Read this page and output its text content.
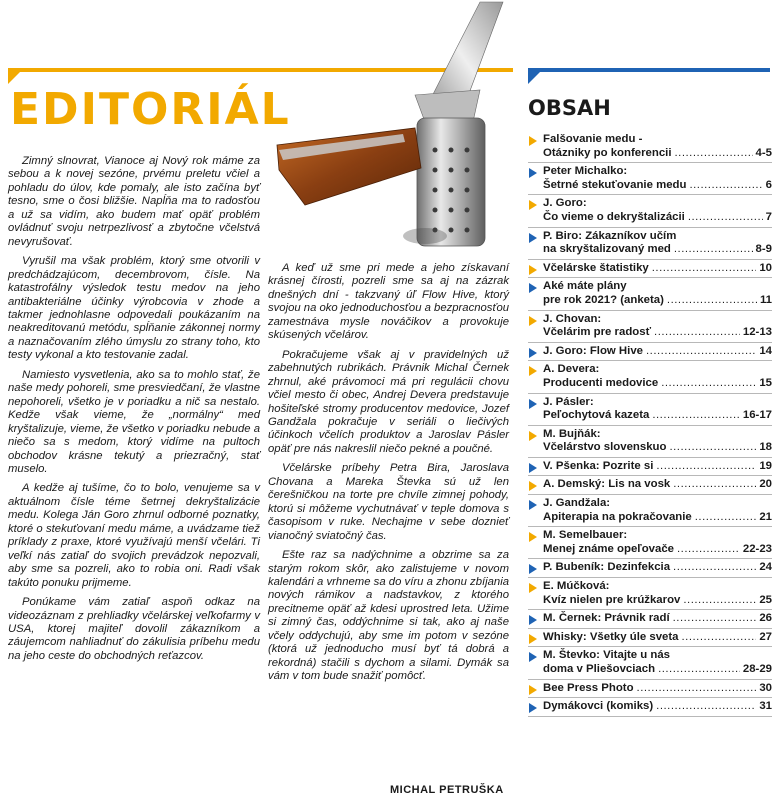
EDITORIÁL

Zimný slnovrat, Vianoce aj Nový rok máme za sebou a k novej sezóne, prvému preletu včiel a pohladu do úlov, kde pomaly, ale isto začína byť tesno, sme o čosi bližšie. Napĺňa ma to radosťou a už sa vidím, ako budem mať opäť problém ovládnuť svoju netrpezlivosť a zbytočne včelstvá nevyrušovať.

Vyrušil ma však problém, ktorý sme otvorili v predchádzajúcom, decembrovom, čísle. Na katastrofálny výsledok testu medov na jeho antibakteriálne účinky výrobcovia v zhode a takmer jednohlasne odpovedali poukázaním na neakreditovanú metódu, spĺňanie zákonnej normy a naznačovaním zlého úmyslu zo strany toho, kto testy vykonal a kto testovanie zadal.

Namiesto vysvetlenia, ako sa to mohlo stať, že naše medy pohoreli, sme presviedčaní, že vlastne nepohoreli, všetko je v poriadku a nič sa nestalo. Kedže však vieme, že „normálny“ med kryštalizuje, vieme, že všetko v poriadku nebude a niečo sa s medom, ktorý vidíme na pultoch obchodov krásne tekutý a priezračný, stať muselo.

A kedže aj tušíme, čo to bolo, venujeme sa v aktuálnom čísle téme šetrnej dekryštalizácie medu. Kolega Ján Goro zhrnul odborné poznatky, ktoré o stekuťovaní medu máme, a uvádzame tiež príklady z praxe, ktoré využívajú menší včelári. Ti veľkí nás zatiaľ do svojich prevádzok nepozvali, aby sme sa pozreli, ako to robia oni. Radi však takúto ponuku prijmeme.

Ponúkame vám zatiaľ aspoň odkaz na videozáznam z prehliadky včelárskej veľkofarmy v USA, ktorej majiteľ dovolil zákazníkom a záujemcom nahliadnuť do zákulisia príbehu medu na jeho ceste do obchodných reťazcov.

A keď už sme pri mede a jeho získavaní krásnej čírosti, pozreli sme sa aj na zázrak dnešných dní - takzvaný úľ Flow Hive, ktorý svojou na oko jednoduchosťou a bezpracnosťou zamestnáva mysle nováčikov a provokuje skúsených včelárov.

Pokračujeme však aj v pravidelných už zabehnutých rubrikách. Právnik Michal Černek zhrnul, aké právomoci má pri regulácii chovu včiel mesto či obec, Andrej Devera predstavuje hošiteľské stromy producentov medovice, Jozef Gandžala pokračuje v seriáli o liečivých účinkoch včelích produktov a Jaroslav Pásler opäť pre nás nakreslil niečo pekné a poučné.

Včelárske príbehy Petra Bira, Jaroslava Chovana a Mareka Števka sú už len čerešničkou na torte pre chvíle zimnej pohody, ktorú si môžeme vychutnávať v teple domova s časopisom v ruke. Nechajme v sebe doznieť vianočný sviatočný čas.

Ešte raz sa nadýchnime a obzrime sa za starým rokom skôr, ako zalistujeme v novom kalendári a vrhneme sa do víru a zhonu zbíjania nových rámikov a nadstavkov, z ktorého precitneme opäť až kdesi uprostred leta. Užime si zimný čas, oddýchnime si tak, ako aj naše včely oddychujú, aby sme im potom v sezóne (ktorá už jednoducho musí byť tá dobrá a rekordná) stačili s dychom a silami. Dymák sa vám v tom bude snažiť pomôcť.

MICHAL PETRUŠKA
OBSAH
Falšovanie medu -
Otázniky po konferencii .....	4-5
Peter Michalko:
Šetrné stekuťovanie medu .....	6
J. Goro:
Čo vieme o dekryštalizácii .....	7
P. Biro: Zákazníkov učím
na skryštalizovaný med .....	8-9
Včelárske štatistiky .....	10
Aké máte plány
pre rok 2021? (anketa) .....	11
J. Chovan:
Včelárim pre radosť .....	12-13
J. Goro: Flow Hive .....	14
A. Devera:
Producenti medovice .....	15
J. Pásler:
Peľochytová kazeta .....	16-17
M. Bujňák:
Včelárstvo slovenskuo .....	18
V. Pšenka: Pozrite si .....	19
A. Demský: Lis na vosk .....	20
J. Gandžala:
Apiterapia na pokračovanie .....	21
M. Semelbauer:
Menej známe opeľovače .....	22-23
P. Bubeník: Dezinfekcia .....	24
E. Múčková:
Kvíz nielen pre krúžkarov .....	25
M. Černek: Právnik radí .....	26
Whisky: Všetky úle sveta .....	27
M. Števko: Vitajte u nás
doma v Pliešovciach .....	28-29
Bee Press Photo .....	30
Dymákovci (komiks) .....	31
